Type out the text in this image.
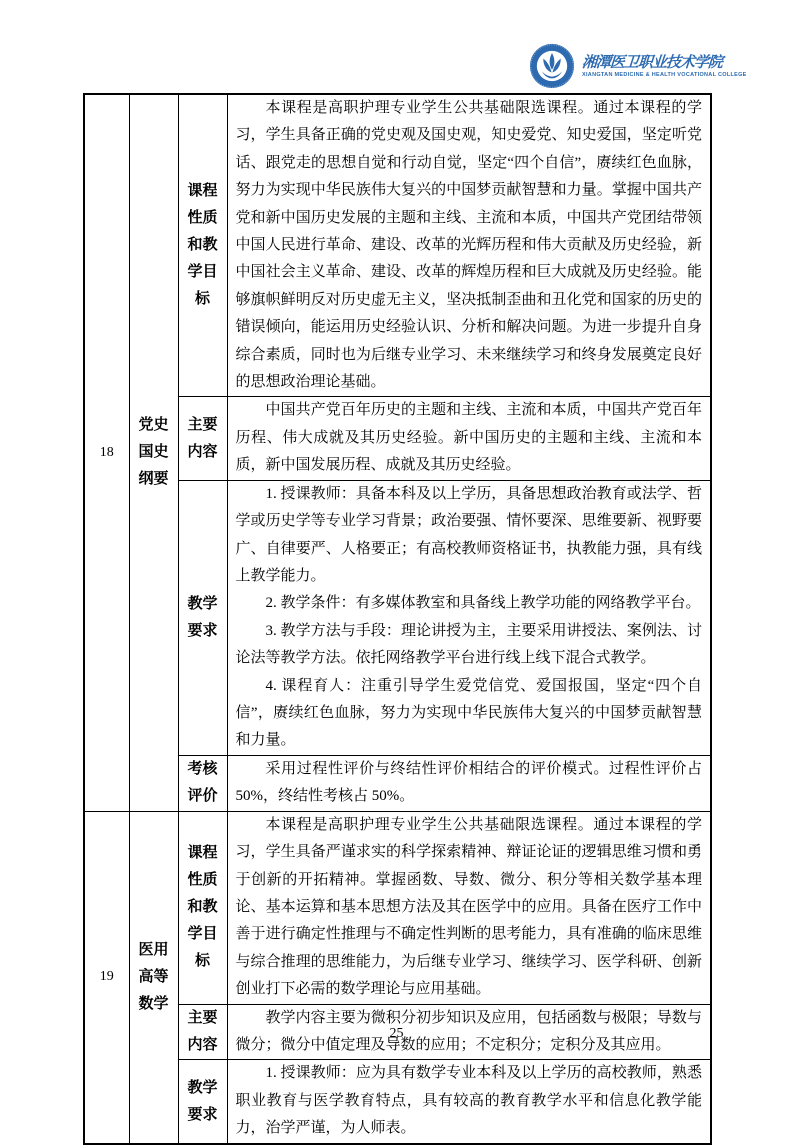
湘潭医卫职业技术学院
XIANGTAN MEDICINE & HEALTH VOCATIONAL COLLEGE
18	党史国史纲要	课程性质和教学目标	本课程是高职护理专业学生公共基础限选课程。通过本课程的学习，学生具备正确的党史观及国史观，知史爱党、知史爱国，坚定听党话、跟党走的思想自觉和行动自觉，坚定“四个自信”，赓续红色血脉，努力为实现中华民族伟大复兴的中国梦贡献智慧和力量。掌握中国共产党和新中国历史发展的主题和主线、主流和本质，中国共产党团结带领中国人民进行革命、建设、改革的光辉历程和伟大贡献及历史经验，新中国社会主义革命、建设、改革的辉煌历程和巨大成就及历史经验。能够旗帜鲜明反对历史虚无主义，坚决抵制歪曲和丑化党和国家的历史的错误倾向，能运用历史经验认识、分析和解决问题。为进一步提升自身综合素质，同时也为后继专业学习、未来继续学习和终身发展奠定良好的思想政治理论基础。

		主要内容	中国共产党百年历史的主题和主线、主流和本质，中国共产党百年历程、伟大成就及其历史经验。新中国历史的主题和主线、主流和本质，新中国发展历程、成就及其历史经验。

		教学要求	1. 授课教师：具备本科及以上学历，具备思想政治教育或法学、哲学或历史学等专业学习背景；政治要强、情怀要深、思维要新、视野要广、自律要严、人格要正；有高校教师资格证书，执教能力强，具有线上教学能力。

2. 教学条件：有多媒体教室和具备线上教学功能的网络教学平台。

3. 教学方法与手段：理论讲授为主，主要采用讲授法、案例法、讨论法等教学方法。依托网络教学平台进行线上线下混合式教学。

4. 课程育人：注重引导学生爱党信党、爱国报国，坚定“四个自信”，赓续红色血脉，努力为实现中华民族伟大复兴的中国梦贡献智慧和力量。

		考核评价	采用过程性评价与终结性评价相结合的评价模式。过程性评价占 50%，终结性考核占 50%。

19	医用高等数学	课程性质和教学目标	本课程是高职护理专业学生公共基础限选课程。通过本课程的学习，学生具备严谨求实的科学探索精神、辩证论证的逻辑思维习惯和勇于创新的开拓精神。掌握函数、导数、微分、积分等相关数学基本理论、基本运算和基本思想方法及其在医学中的应用。具备在医疗工作中善于进行确定性推理与不确定性判断的思考能力，具有准确的临床思维与综合推理的思维能力，为后继专业学习、继续学习、医学科研、创新创业打下必需的数学理论与应用基础。

		主要内容	教学内容主要为微积分初步知识及应用，包括函数与极限；导数与微分；微分中值定理及导数的应用；不定积分；定积分及其应用。

		教学要求	1. 授课教师：应为具有数学专业本科及以上学历的高校教师，熟悉职业教育与医学教育特点，具有较高的教育教学水平和信息化教学能力，治学严谨，为人师表。

25
